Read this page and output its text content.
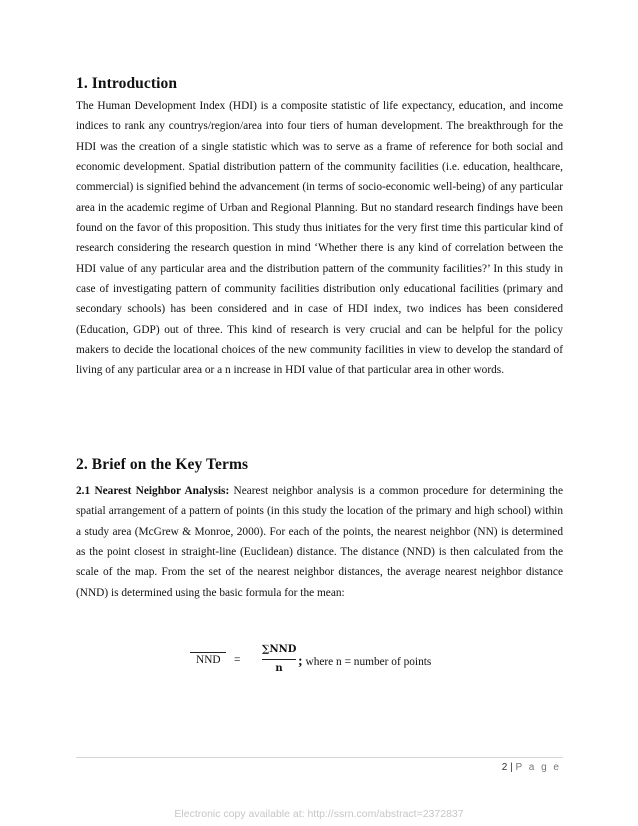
1. Introduction

The Human Development Index (HDI) is a composite statistic of life expectancy, education, and income indices to rank any countrys/region/area into four tiers of human development. The breakthrough for the HDI was the creation of a single statistic which was to serve as a frame of reference for both social and economic development. Spatial distribution pattern of the community facilities (i.e. education, healthcare, commercial) is signified behind the advancement (in terms of socio-economic well-being) of any particular area in the academic regime of Urban and Regional Planning. But no standard research findings have been found on the favor of this proposition. This study thus initiates for the very first time this particular kind of research considering the research question in mind ‘Whether there is any kind of correlation between the HDI value of any particular area and the distribution pattern of the community facilities?’ In this study in case of investigating pattern of community facilities distribution only educational facilities (primary and secondary schools) has been considered and in case of HDI index, two indices has been considered (Education, GDP) out of three. This kind of research is very crucial and can be helpful for the policy makers to decide the locational choices of the new community facilities in view to develop the standard of living of any particular area or a n increase in HDI value of that particular area in other words.

2. Brief on the Key Terms

2.1 Nearest Neighbor Analysis: Nearest neighbor analysis is a common procedure for determining the spatial arrangement of a pattern of points (in this study the location of the primary and high school) within a study area (McGrew & Monroe, 2000). For each of the points, the nearest neighbor (NN) is determined as the point closest in straight-line (Euclidean) distance. The distance (NND) is then calculated from the scale of the map. From the set of the nearest neighbor distances, the average nearest neighbor distance (NND) is determined using the basic formula for the mean:

NND =
∑NND
n	; where n = number of points
2 | P a g e
Electronic copy available at: http://ssrn.com/abstract=2372837
